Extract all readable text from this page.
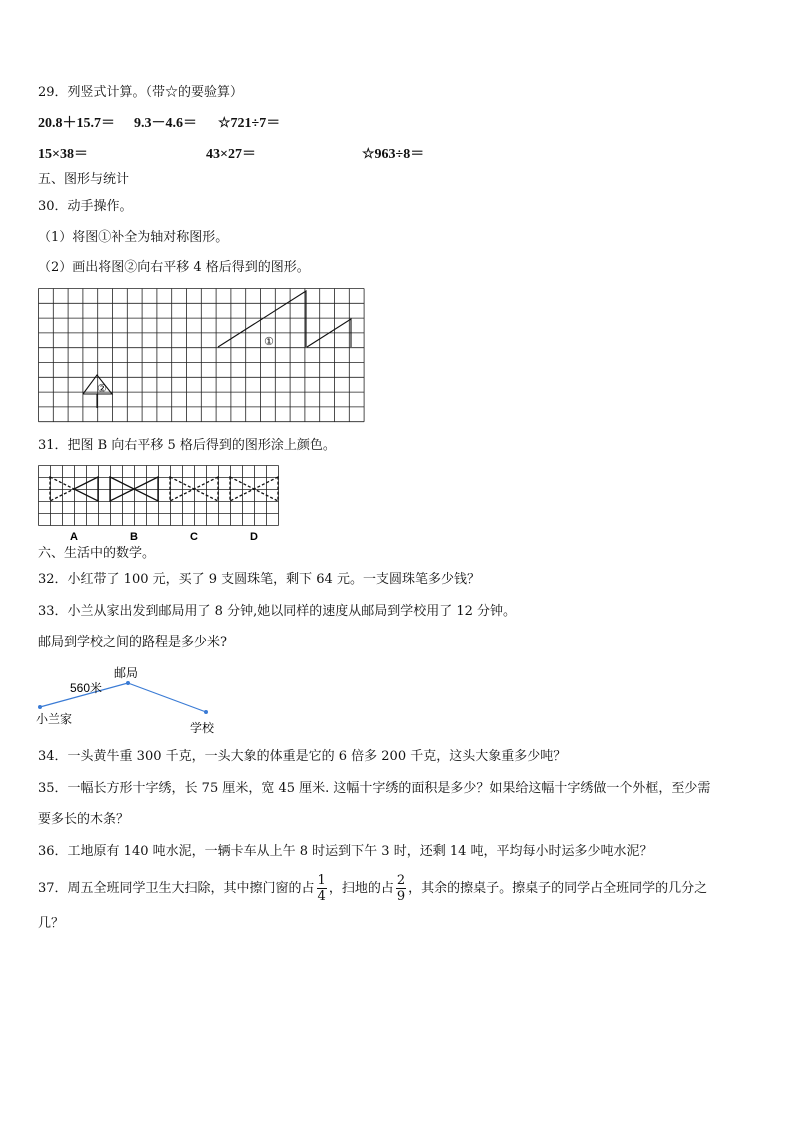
29．列竖式计算。（带☆的要验算）
20.8＋15.7＝ 9.3－4.6＝ ☆721÷7＝
15×38＝	43×27＝	☆963÷8＝
五、图形与统计
30．动手操作。
（1）将图①补全为轴对称图形。
（2）画出将图②向右平移 4 格后得到的图形。
①
②
31．把图 B 向右平移 5 格后得到的图形涂上颜色。
A	B	C	D
六、生活中的数学。
32．小红带了 100 元，买了 9 支圆珠笔，剩下 64 元。一支圆珠笔多少钱？
33．小兰从家出发到邮局用了 8 分钟,她以同样的速度从邮局到学校用了 12 分钟。
邮局到学校之间的路程是多少米?
邮局
560米
小兰家
学校
34．一头黄牛重 300 千克，一头大象的体重是它的 6 倍多 200 千克，这头大象重多少吨？
35．一幅长方形十字绣，长 75 厘米，宽 45 厘米. 这幅十字绣的面积是多少？如果给这幅十字绣做一个外框，至少需
要多长的木条？
36．工地原有 140 吨水泥，一辆卡车从上午 8 时运到下午 3 时，还剩 14 吨，平均每小时运多少吨水泥？
37．周五全班同学卫生大扫除，其中擦门窗的占 $\frac{1}{4}$ ，扫地的占 $\frac{2}{9}$ ，其余的擦桌子。擦桌子的同学占全班同学的几分之
几？
